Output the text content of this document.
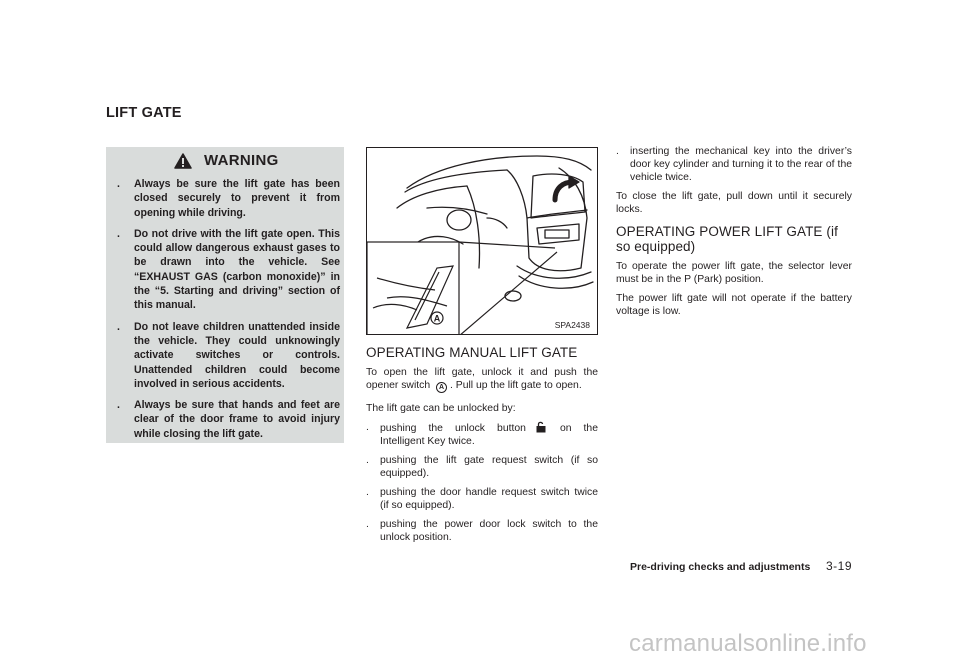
LIFT GATE
WARNING
. Always be sure the lift gate has been closed securely to prevent it from opening while driving.
. Do not drive with the lift gate open. This could allow dangerous exhaust gases to be drawn into the vehicle. See “EXHAUST GAS (carbon monoxide)” in the “5. Starting and driving” section of this manual.
. Do not leave children unattended inside the vehicle. They could unknowingly activate switches or controls. Unattended children could become involved in serious accidents.
. Always be sure that hands and feet are clear of the door frame to avoid injury while closing the lift gate.
A
SPA2438
OPERATING MANUAL LIFT GATE
To open the lift gate, unlock it and push the opener switch A . Pull up the lift gate to open.
The lift gate can be unlocked by:
. pushing the unlock button	on the Intelligent Key twice.
. pushing the lift gate request switch (if so equipped).
. pushing the door handle request switch twice (if so equipped).
. pushing the power door lock switch to the unlock position.
. inserting the mechanical key into the driver’s door key cylinder and turning it to the rear of the vehicle twice.
To close the lift gate, pull down until it securely locks.
OPERATING POWER LIFT GATE (if so equipped)
To operate the power lift gate, the selector lever must be in the P (Park) position.
The power lift gate will not operate if the battery voltage is low.
Pre-driving checks and adjustments 3-19
carmanualsonline.info
